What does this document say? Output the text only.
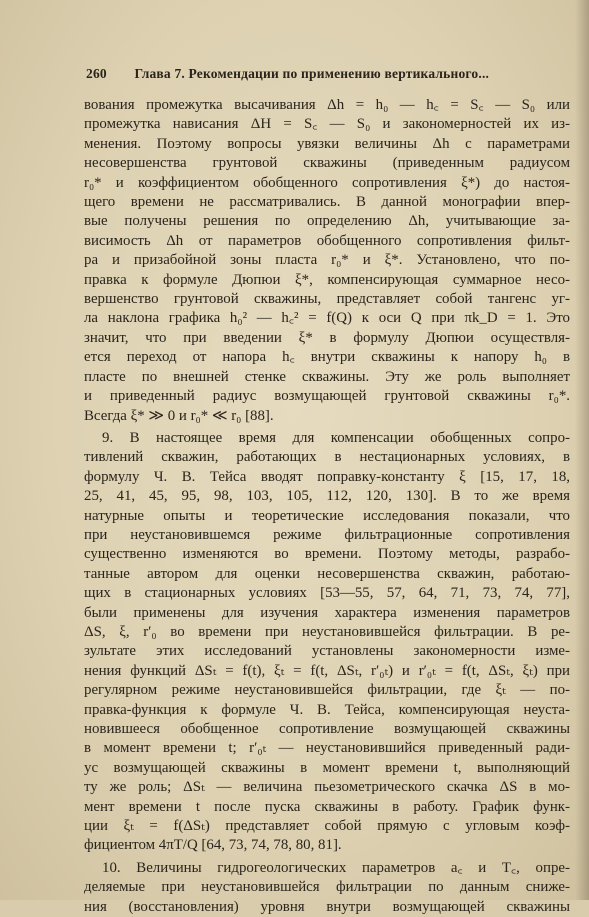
260 Глава 7. Рекомендации по применению вертикального...
вования промежутка высачивания Δh = h₀ — h꜀ = S꜀ — S₀ или
промежутка нависания ΔH = S꜀ — S₀ и закономерностей их из-
менения. Поэтому вопросы увязки величины Δh с параметрами
несовершенства грунтовой скважины (приведенным радиусом
r₀* и коэффициентом обобщенного сопротивления ξ*) до настоя-
щего времени не рассматривались. В данной монографии впер-
вые получены решения по определению Δh, учитывающие за-
висимость Δh от параметров обобщенного сопротивления фильт-
ра и призабойной зоны пласта r₀* и ξ*. Установлено, что по-
правка к формуле Дюпюи ξ*, компенсирующая суммарное несо-
вершенство грунтовой скважины, представляет собой тангенс уг-
ла наклона графика h₀² — h꜀² = f(Q) к оси Q при πk_D = 1. Это
значит, что при введении ξ* в формулу Дюпюи осуществля-
ется переход от напора h꜀ внутри скважины к напору h₀ в
пласте по внешней стенке скважины. Эту же роль выполняет
и приведенный радиус возмущающей грунтовой скважины r₀*.
Всегда ξ* ≫ 0 и r₀* ≪ r₀ [88].
9. В настоящее время для компенсации обобщенных сопро-
тивлений скважин, работающих в нестационарных условиях, в
формулу Ч. В. Тейса вводят поправку-константу ξ [15, 17, 18,
25, 41, 45, 95, 98, 103, 105, 112, 120, 130]. В то же время
натурные опыты и теоретические исследования показали, что
при неустановившемся режиме фильтрационные сопротивления
существенно изменяются во времени. Поэтому методы, разрабо-
танные автором для оценки несовершенства скважин, работаю-
щих в стационарных условиях [53—55, 57, 64, 71, 73, 74, 77],
были применены для изучения характера изменения параметров
ΔS, ξ, r′₀ во времени при неустановившейся фильтрации. В ре-
зультате этих исследований установлены закономерности изме-
нения функций ΔSₜ = f(t), ξₜ = f(t, ΔSₜ, r′₀ₜ) и r′₀ₜ = f(t, ΔSₜ, ξₜ) при
регулярном режиме неустановившейся фильтрации, где ξₜ — по-
правка-функция к формуле Ч. В. Тейса, компенсирующая неуста-
новившееся обобщенное сопротивление возмущающей скважины
в момент времени t; r′₀ₜ — неустановившийся приведенный ради-
ус возмущающей скважины в момент времени t, выполняющий
ту же роль; ΔSₜ — величина пьезометрического скачка ΔS в мо-
мент времени t после пуска скважины в работу. График функ-
ции ξₜ = f(ΔSₜ) представляет собой прямую с угловым коэф-
фициентом 4πT/Q [64, 73, 74, 78, 80, 81].
10. Величины гидрогеологических параметров a꜀ и T꜀, опре-
деляемые при неустановившейся фильтрации по данным сниже-
ния (восстановления) уровня внутри возмущающей скважины
